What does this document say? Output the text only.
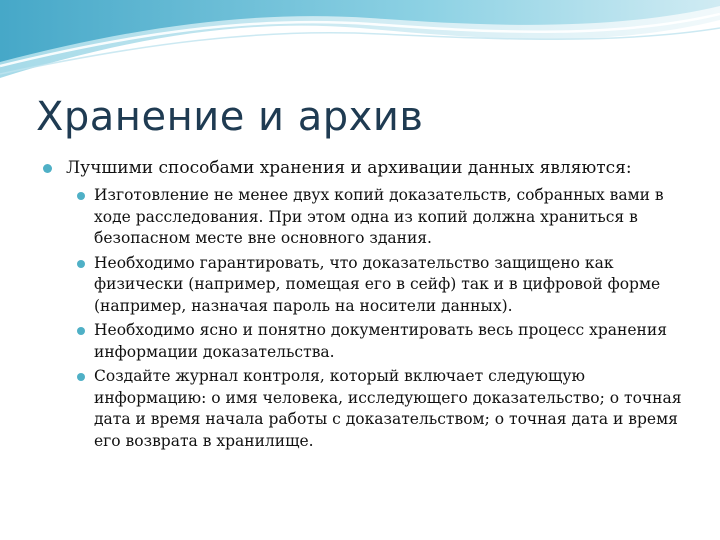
Хранение и архив

Лучшими способами хранения и архивации данных являются:

Изготовление не менее двух копий доказательств, собранных вами в ходе расследования. При этом одна из копий должна храниться в безопасном месте вне основного здания.

Необходимо гарантировать, что доказательство защищено как физически (например, помещая его в сейф) так и в цифровой форме (например, назначая пароль на носители данных).

Необходимо ясно и понятно документировать весь процесс хранения информации доказательства.

Создайте журнал контроля, который включает следующую информацию: o имя человека, исследующего доказательство; o точная дата и время начала работы с доказательством; o точная дата и время его возврата в хранилище.
